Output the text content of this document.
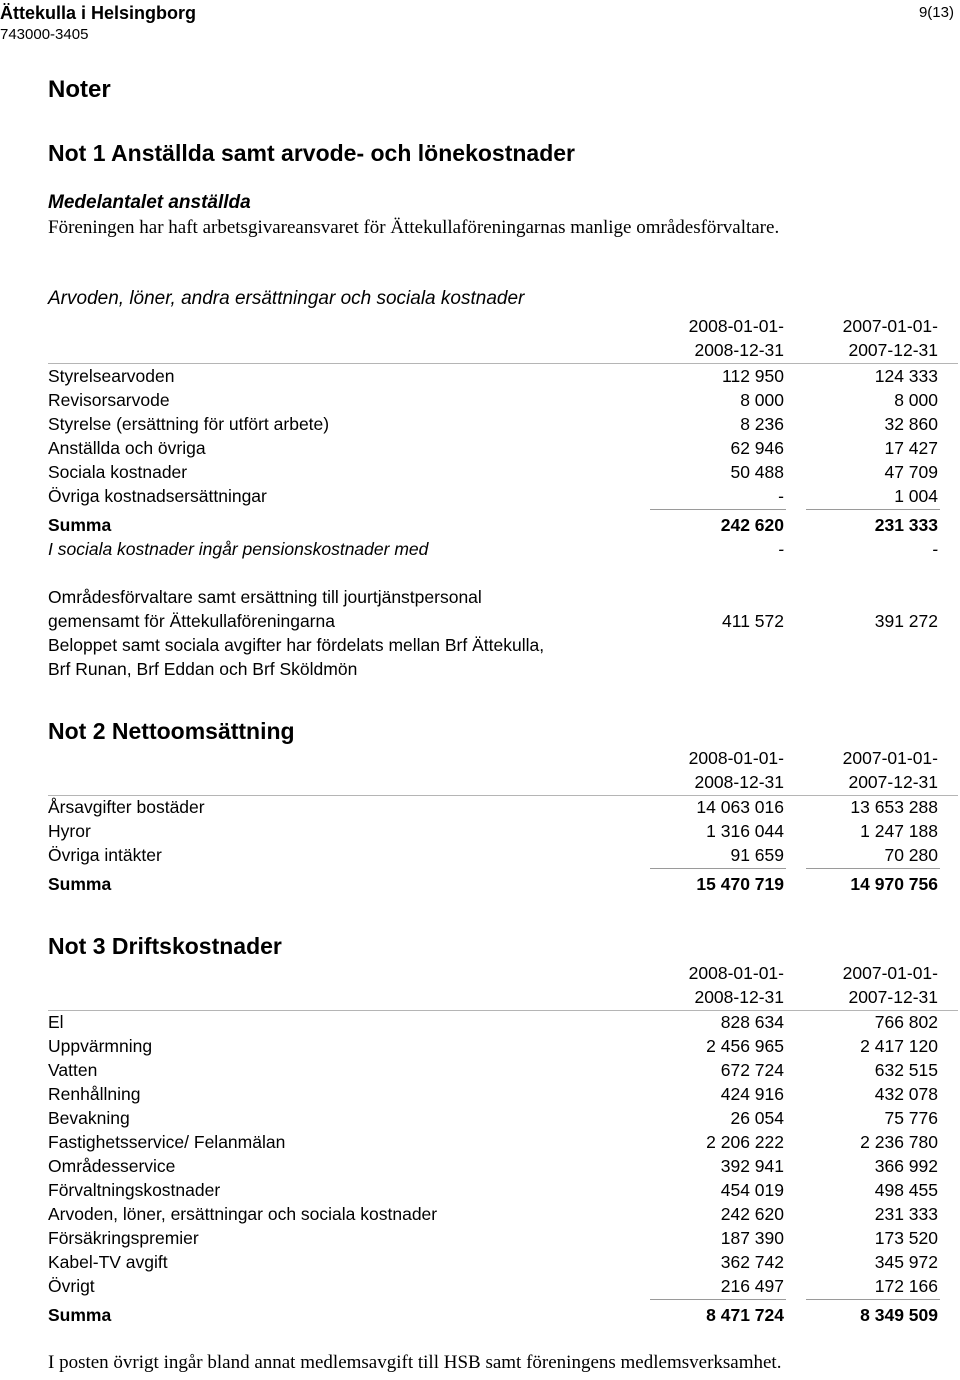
Ättekulla i Helsingborg
743000-3405
9(13)
Noter
Not 1 Anställda samt arvode- och lönekostnader
Medelantalet anställda
Föreningen har haft arbetsgivareansvaret för Ättekullaföreningarnas manlige områdesförvaltare.
Arvoden, löner, andra ersättningar och sociala kostnader
2008-01-01-	2007-01-01-
2008-12-31	2007-12-31
Styrelsearvoden	112 950	124 333
Revisorsarvode	8 000	8 000
Styrelse (ersättning för utfört arbete)	8 236	32 860
Anställda och övriga	62 946	17 427
Sociala kostnader	50 488	47 709
Övriga kostnadsersättningar	-	1 004
Summa	242 620	231 333
I sociala kostnader ingår pensionskostnader med	-	-
Områdesförvaltare samt ersättning till jourtjänstpersonal
gemensamt för Ättekullaföreningarna	411 572	391 272
Beloppet samt sociala avgifter har fördelats mellan Brf Ättekulla,
Brf Runan, Brf Eddan och Brf Sköldmön
Not 2 Nettoomsättning
2008-01-01-	2007-01-01-
2008-12-31	2007-12-31
Årsavgifter bostäder	14 063 016	13 653 288
Hyror	1 316 044	1 247 188
Övriga intäkter	91 659	70 280
Summa	15 470 719	14 970 756
Not 3 Driftskostnader
2008-01-01-	2007-01-01-
2008-12-31	2007-12-31
El	828 634	766 802
Uppvärmning	2 456 965	2 417 120
Vatten	672 724	632 515
Renhållning	424 916	432 078
Bevakning	26 054	75 776
Fastighetsservice/ Felanmälan	2 206 222	2 236 780
Områdesservice	392 941	366 992
Förvaltningskostnader	454 019	498 455
Arvoden, löner, ersättningar och sociala kostnader	242 620	231 333
Försäkringspremier	187 390	173 520
Kabel-TV avgift	362 742	345 972
Övrigt	216 497	172 166
Summa	8 471 724	8 349 509
I posten övrigt ingår bland annat medlemsavgift till HSB samt föreningens medlemsverksamhet.
